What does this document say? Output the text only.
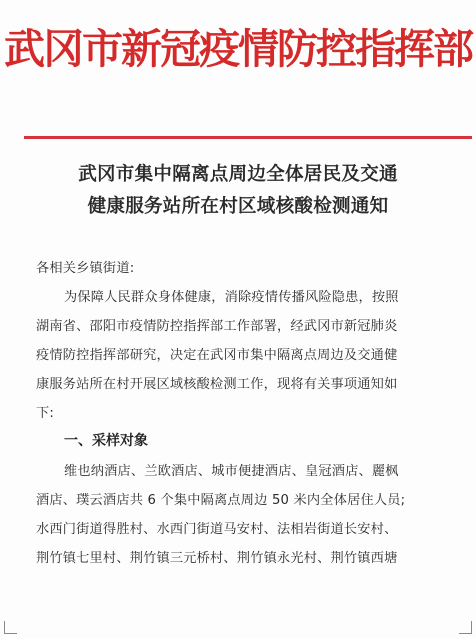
武冈市新冠疫情防控指挥部
武冈市集中隔离点周边全体居民及交通
健康服务站所在村区域核酸检测通知
各相关乡镇街道:
为保障人民群众身体健康，消除疫情传播风险隐患，按照
湖南省、邵阳市疫情防控指挥部工作部署，经武冈市新冠肺炎
疫情防控指挥部研究，决定在武冈市集中隔离点周边及交通健
康服务站所在村开展区域核酸检测工作，现将有关事项通知如
下:
一、采样对象
维也纳酒店、兰欧酒店、城市便捷酒店、皇冠酒店、麗枫
酒店、璞云酒店共 6 个集中隔离点周边 50 米内全体居住人员;
水西门街道得胜村、水西门街道马安村、法相岩街道长安村、
荆竹镇七里村、荆竹镇三元桥村、荆竹镇永光村、荆竹镇西塘
